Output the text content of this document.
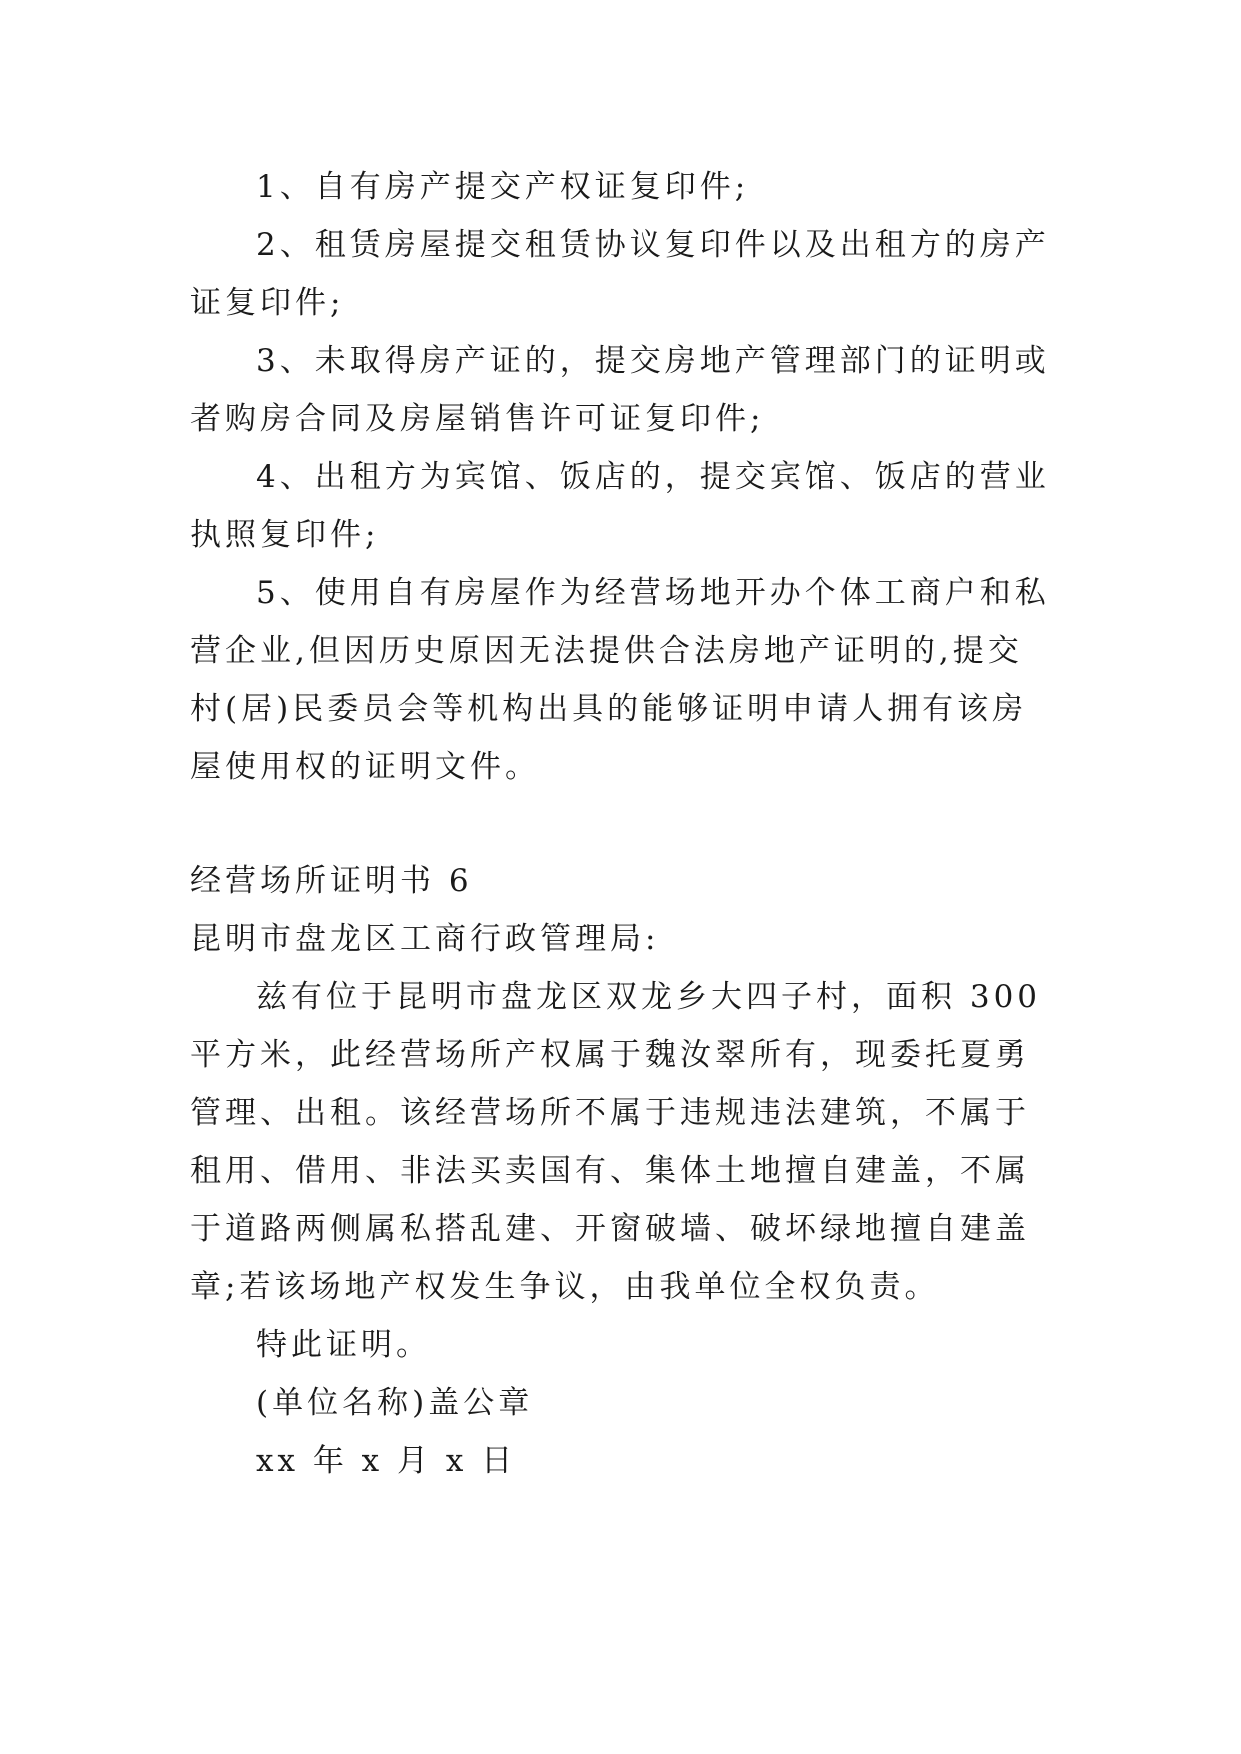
1、自有房产提交产权证复印件;

2、租赁房屋提交租赁协议复印件以及出租方的房产证复印件;

3、未取得房产证的，提交房地产管理部门的证明或者购房合同及房屋销售许可证复印件;

4、出租方为宾馆、饭店的，提交宾馆、饭店的营业执照复印件;

5、使用自有房屋作为经营场地开办个体工商户和私营企业,但因历史原因无法提供合法房地产证明的,提交村(居)民委员会等机构出具的能够证明申请人拥有该房屋使用权的证明文件。

经营场所证明书 6

昆明市盘龙区工商行政管理局:

兹有位于昆明市盘龙区双龙乡大四子村，面积 300 平方米，此经营场所产权属于魏汝翠所有，现委托夏勇管理、出租。该经营场所不属于违规违法建筑，不属于租用、借用、非法买卖国有、集体土地擅自建盖，不属于道路两侧属私搭乱建、开窗破墙、破坏绿地擅自建盖章;若该场地产权发生争议，由我单位全权负责。

特此证明。

(单位名称)盖公章

xx 年 x 月 x 日
